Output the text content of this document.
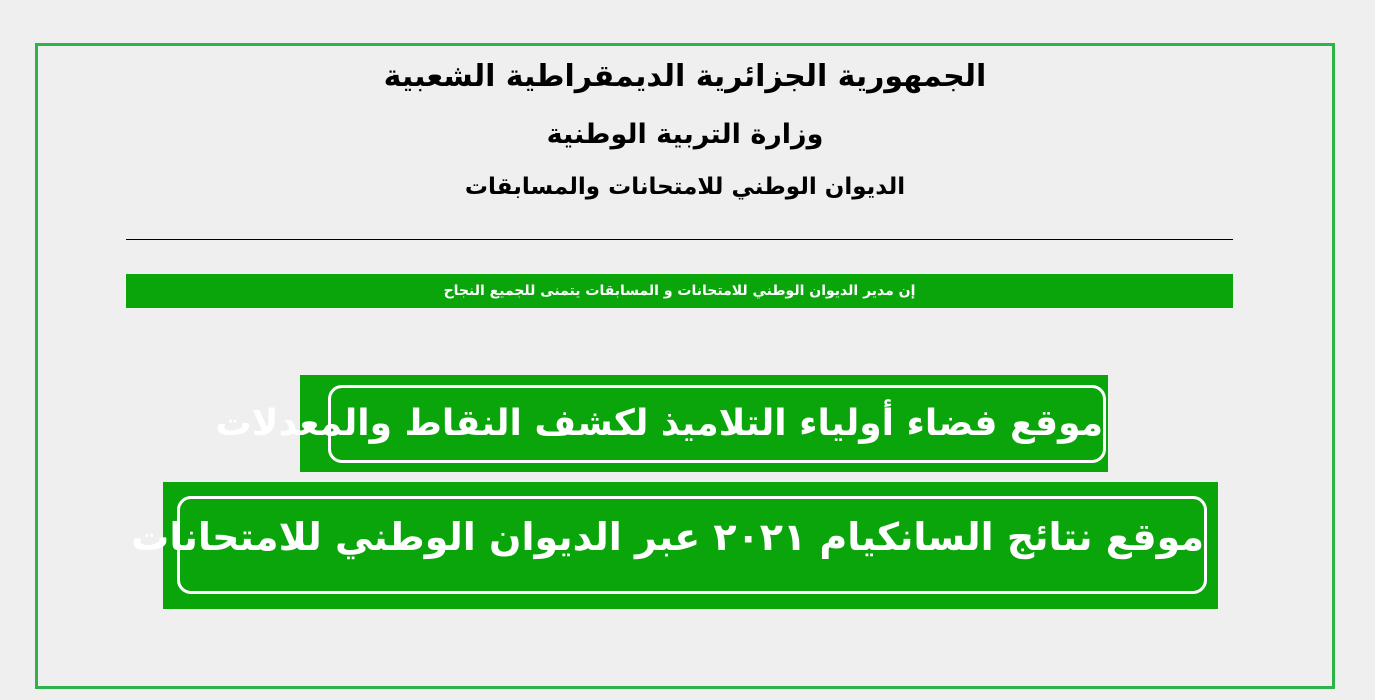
الجمهورية الجزائرية الديمقراطية الشعبية
وزارة التربية الوطنية
الديوان الوطني للامتحانات والمسابقات
إن مدير الديوان الوطني للامتحانات و المسابقات يتمنى للجميع النجاح
موقع فضاء أولياء التلاميذ لكشف النقاط والمعدلات
موقع نتائج السانكيام ٢٠٢١ عبر الديوان الوطني للامتحانات
